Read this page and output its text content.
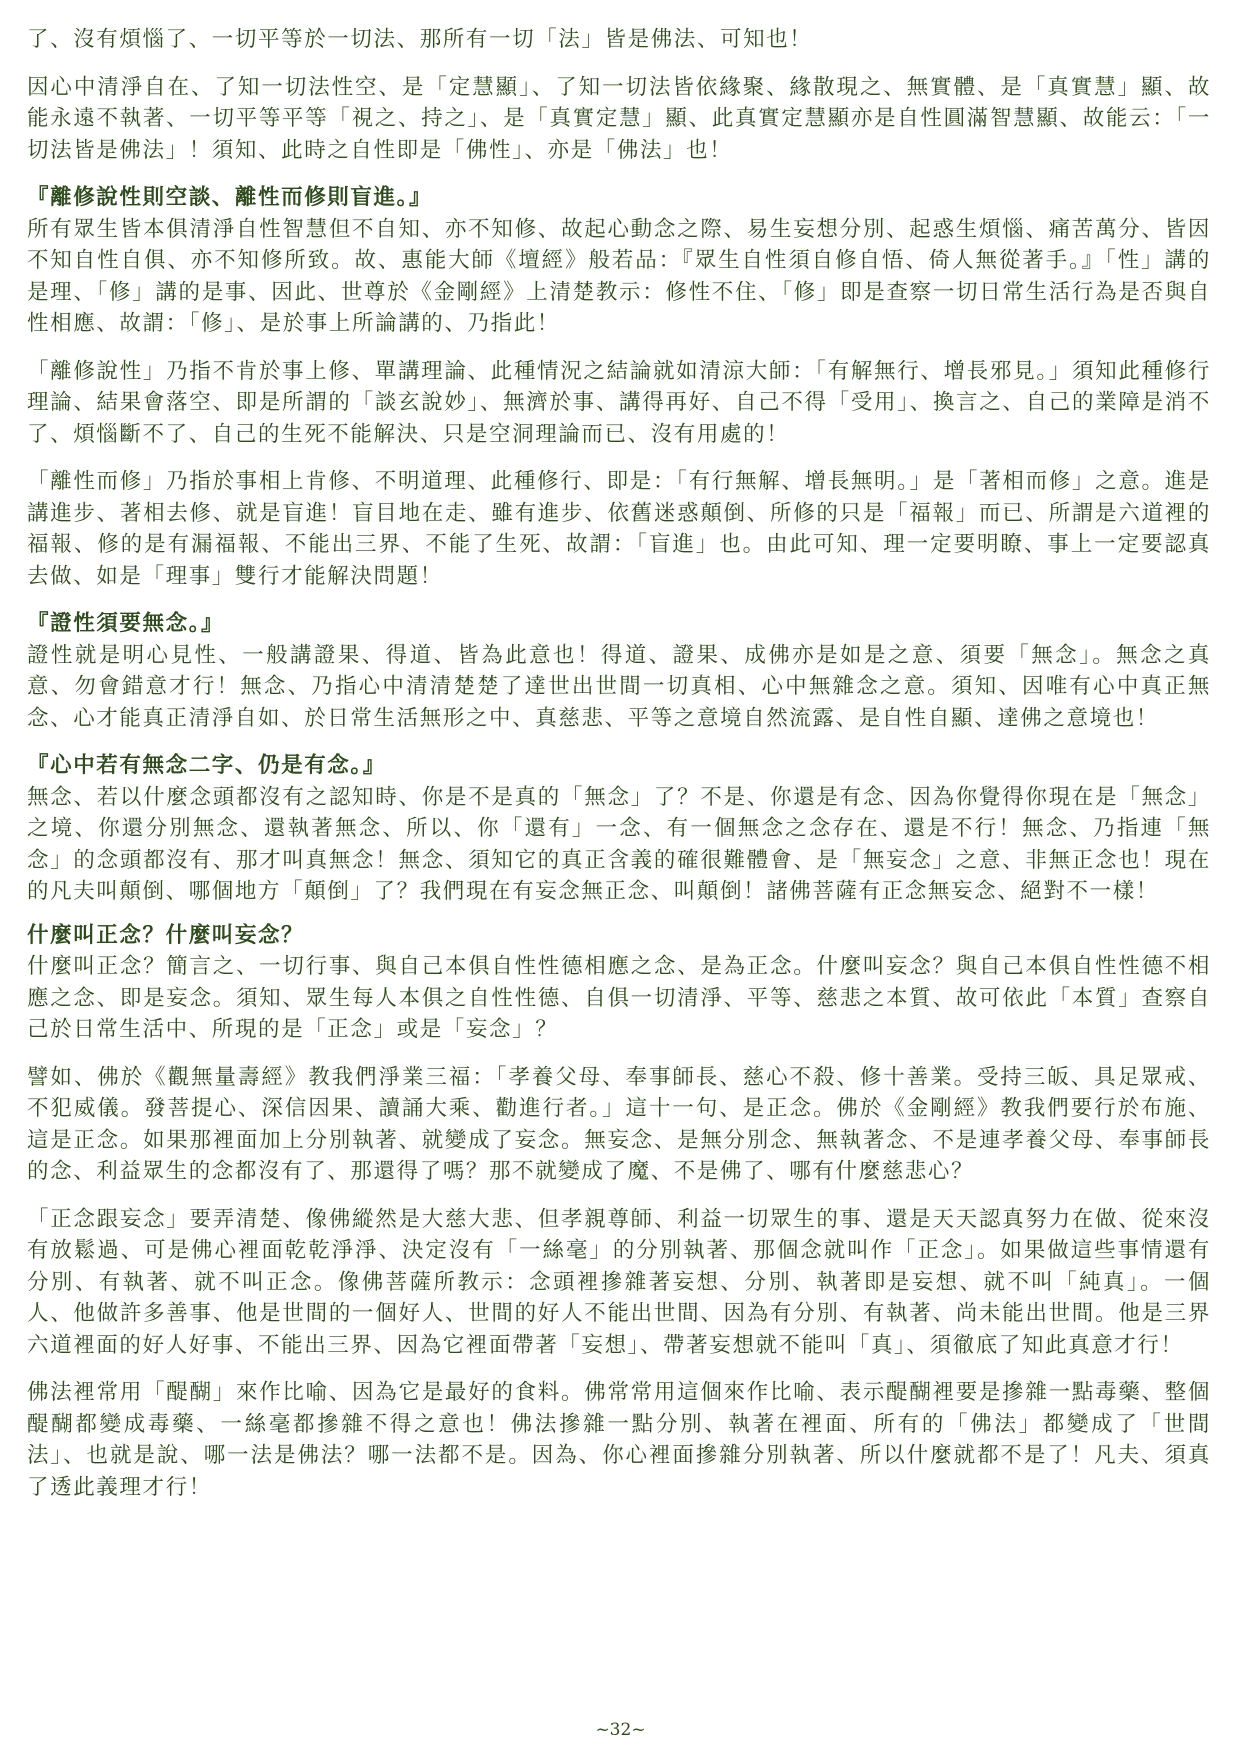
了、沒有煩惱了、一切平等於一切法、那所有一切「法」皆是佛法、可知也！

因心中清淨自在、了知一切法性空、是「定慧顯」、了知一切法皆依緣聚、緣散現之、無實體、是「真實慧」顯、故能永遠不執著、一切平等平等「視之、持之」、是「真實定慧」顯、此真實定慧顯亦是自性圓滿智慧顯、故能云：「一切法皆是佛法」！須知、此時之自性即是「佛性」、亦是「佛法」也！

『離修說性則空談、離性而修則盲進。』

所有眾生皆本俱清淨自性智慧但不自知、亦不知修、故起心動念之際、易生妄想分別、起惑生煩惱、痛苦萬分、皆因不知自性自俱、亦不知修所致。故、惠能大師《壇經》般若品：『眾生自性須自修自悟、倚人無從著手。』「性」講的是理、「修」講的是事、因此、世尊於《金剛經》上清楚教示：修性不住、「修」即是查察一切日常生活行為是否與自性相應、故謂：「修」、是於事上所論講的、乃指此！

「離修說性」乃指不肯於事上修、單講理論、此種情況之結論就如清涼大師：「有解無行、增長邪見。」須知此種修行理論、結果會落空、即是所謂的「談玄說妙」、無濟於事、講得再好、自己不得「受用」、換言之、自己的業障是消不了、煩惱斷不了、自己的生死不能解決、只是空洞理論而已、沒有用處的！

「離性而修」乃指於事相上肯修、不明道理、此種修行、即是：「有行無解、增長無明。」是「著相而修」之意。進是講進步、著相去修、就是盲進！盲目地在走、雖有進步、依舊迷惑顛倒、所修的只是「福報」而已、所謂是六道裡的福報、修的是有漏福報、不能出三界、不能了生死、故謂：「盲進」也。由此可知、理一定要明瞭、事上一定要認真去做、如是「理事」雙行才能解決問題！

『證性須要無念。』

證性就是明心見性、一般講證果、得道、皆為此意也！得道、證果、成佛亦是如是之意、須要「無念」。無念之真意、勿會錯意才行！無念、乃指心中清清楚楚了達世出世間一切真相、心中無雜念之意。須知、因唯有心中真正無念、心才能真正清淨自如、於日常生活無形之中、真慈悲、平等之意境自然流露、是自性自顯、達佛之意境也！

『心中若有無念二字、仍是有念。』

無念、若以什麼念頭都沒有之認知時、你是不是真的「無念」了？不是、你還是有念、因為你覺得你現在是「無念」之境、你還分別無念、還執著無念、所以、你「還有」一念、有一個無念之念存在、還是不行！無念、乃指連「無念」的念頭都沒有、那才叫真無念！無念、須知它的真正含義的確很難體會、是「無妄念」之意、非無正念也！現在的凡夫叫顛倒、哪個地方「顛倒」了？我們現在有妄念無正念、叫顛倒！諸佛菩薩有正念無妄念、絕對不一樣！

什麼叫正念？什麼叫妄念？

什麼叫正念？簡言之、一切行事、與自己本俱自性性德相應之念、是為正念。什麼叫妄念？與自己本俱自性性德不相應之念、即是妄念。須知、眾生每人本俱之自性性德、自俱一切清淨、平等、慈悲之本質、故可依此「本質」查察自己於日常生活中、所現的是「正念」或是「妄念」？

譬如、佛於《觀無量壽經》教我們淨業三福：「孝養父母、奉事師長、慈心不殺、修十善業。受持三皈、具足眾戒、不犯威儀。發菩提心、深信因果、讀誦大乘、勸進行者。」這十一句、是正念。佛於《金剛經》教我們要行於布施、這是正念。如果那裡面加上分別執著、就變成了妄念。無妄念、是無分別念、無執著念、不是連孝養父母、奉事師長的念、利益眾生的念都沒有了、那還得了嗎？那不就變成了魔、不是佛了、哪有什麼慈悲心？

「正念跟妄念」要弄清楚、像佛縱然是大慈大悲、但孝親尊師、利益一切眾生的事、還是天天認真努力在做、從來沒有放鬆過、可是佛心裡面乾乾淨淨、決定沒有「一絲毫」的分別執著、那個念就叫作「正念」。如果做這些事情還有分別、有執著、就不叫正念。像佛菩薩所教示：念頭裡摻雜著妄想、分別、執著即是妄想、就不叫「純真」。一個人、他做許多善事、他是世間的一個好人、世間的好人不能出世間、因為有分別、有執著、尚未能出世間。他是三界六道裡面的好人好事、不能出三界、因為它裡面帶著「妄想」、帶著妄想就不能叫「真」、須徹底了知此真意才行！

佛法裡常用「醍醐」來作比喻、因為它是最好的食料。佛常常用這個來作比喻、表示醍醐裡要是摻雜一點毒藥、整個醍醐都變成毒藥、一絲毫都摻雜不得之意也！佛法摻雜一點分別、執著在裡面、所有的「佛法」都變成了「世間法」、也就是說、哪一法是佛法？哪一法都不是。因為、你心裡面摻雜分別執著、所以什麼就都不是了！凡夫、須真了透此義理才行！

~32~
